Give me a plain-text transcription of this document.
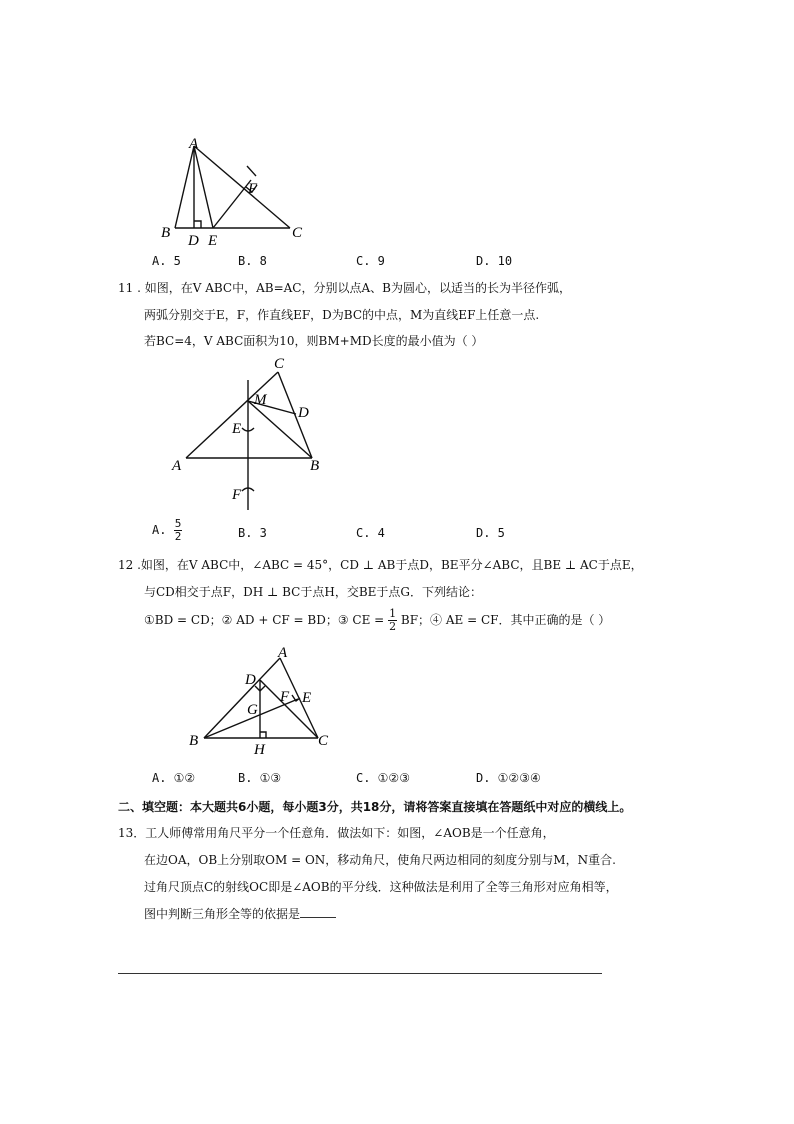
A
B	C
D E
F
A. 5	B. 8	C. 9	D. 10
11 . 如图，在V ABC中，AB=AC，分别以点A、B为圆心，以适当的长为半径作弧，
两弧分别交于E，F，作直线EF，D为BC的中点，M为直线EF上任意一点.
若BC=4，V ABC面积为10，则BM+MD长度的最小值为（ ）
C
M
D
E
A	B
F
A. $\frac{5}{2}$	B. 3	C. 4	D. 5
12 .如图，在V ABC中，∠ABC = 45°，CD ⊥ AB于点D，BE平分∠ABC，且BE ⊥ AC于点E，
与CD相交于点F，DH ⊥ BC于点H，交BE于点G．下列结论：
①BD = CD；② AD + CF = BD；③ CE = $\frac{1}{2}$ BF；④ AE = CF．其中正确的是（ ）
A
D
F E
G
B	C
H
A. ①②	B. ①③	C. ①②③	D. ①②③④
二、填空题：本大题共6小题，每小题3分，共18分，请将答案直接填在答题纸中对应的横线上。
13．工人师傅常用角尺平分一个任意角．做法如下：如图，∠AOB是一个任意角，
在边OA，OB上分别取OM = ON，移动角尺，使角尺两边相同的刻度分别与M，N重合.
过角尺顶点C的射线OC即是∠AOB的平分线．这种做法是利用了全等三角形对应角相等，
图中判断三角形全等的依据是
